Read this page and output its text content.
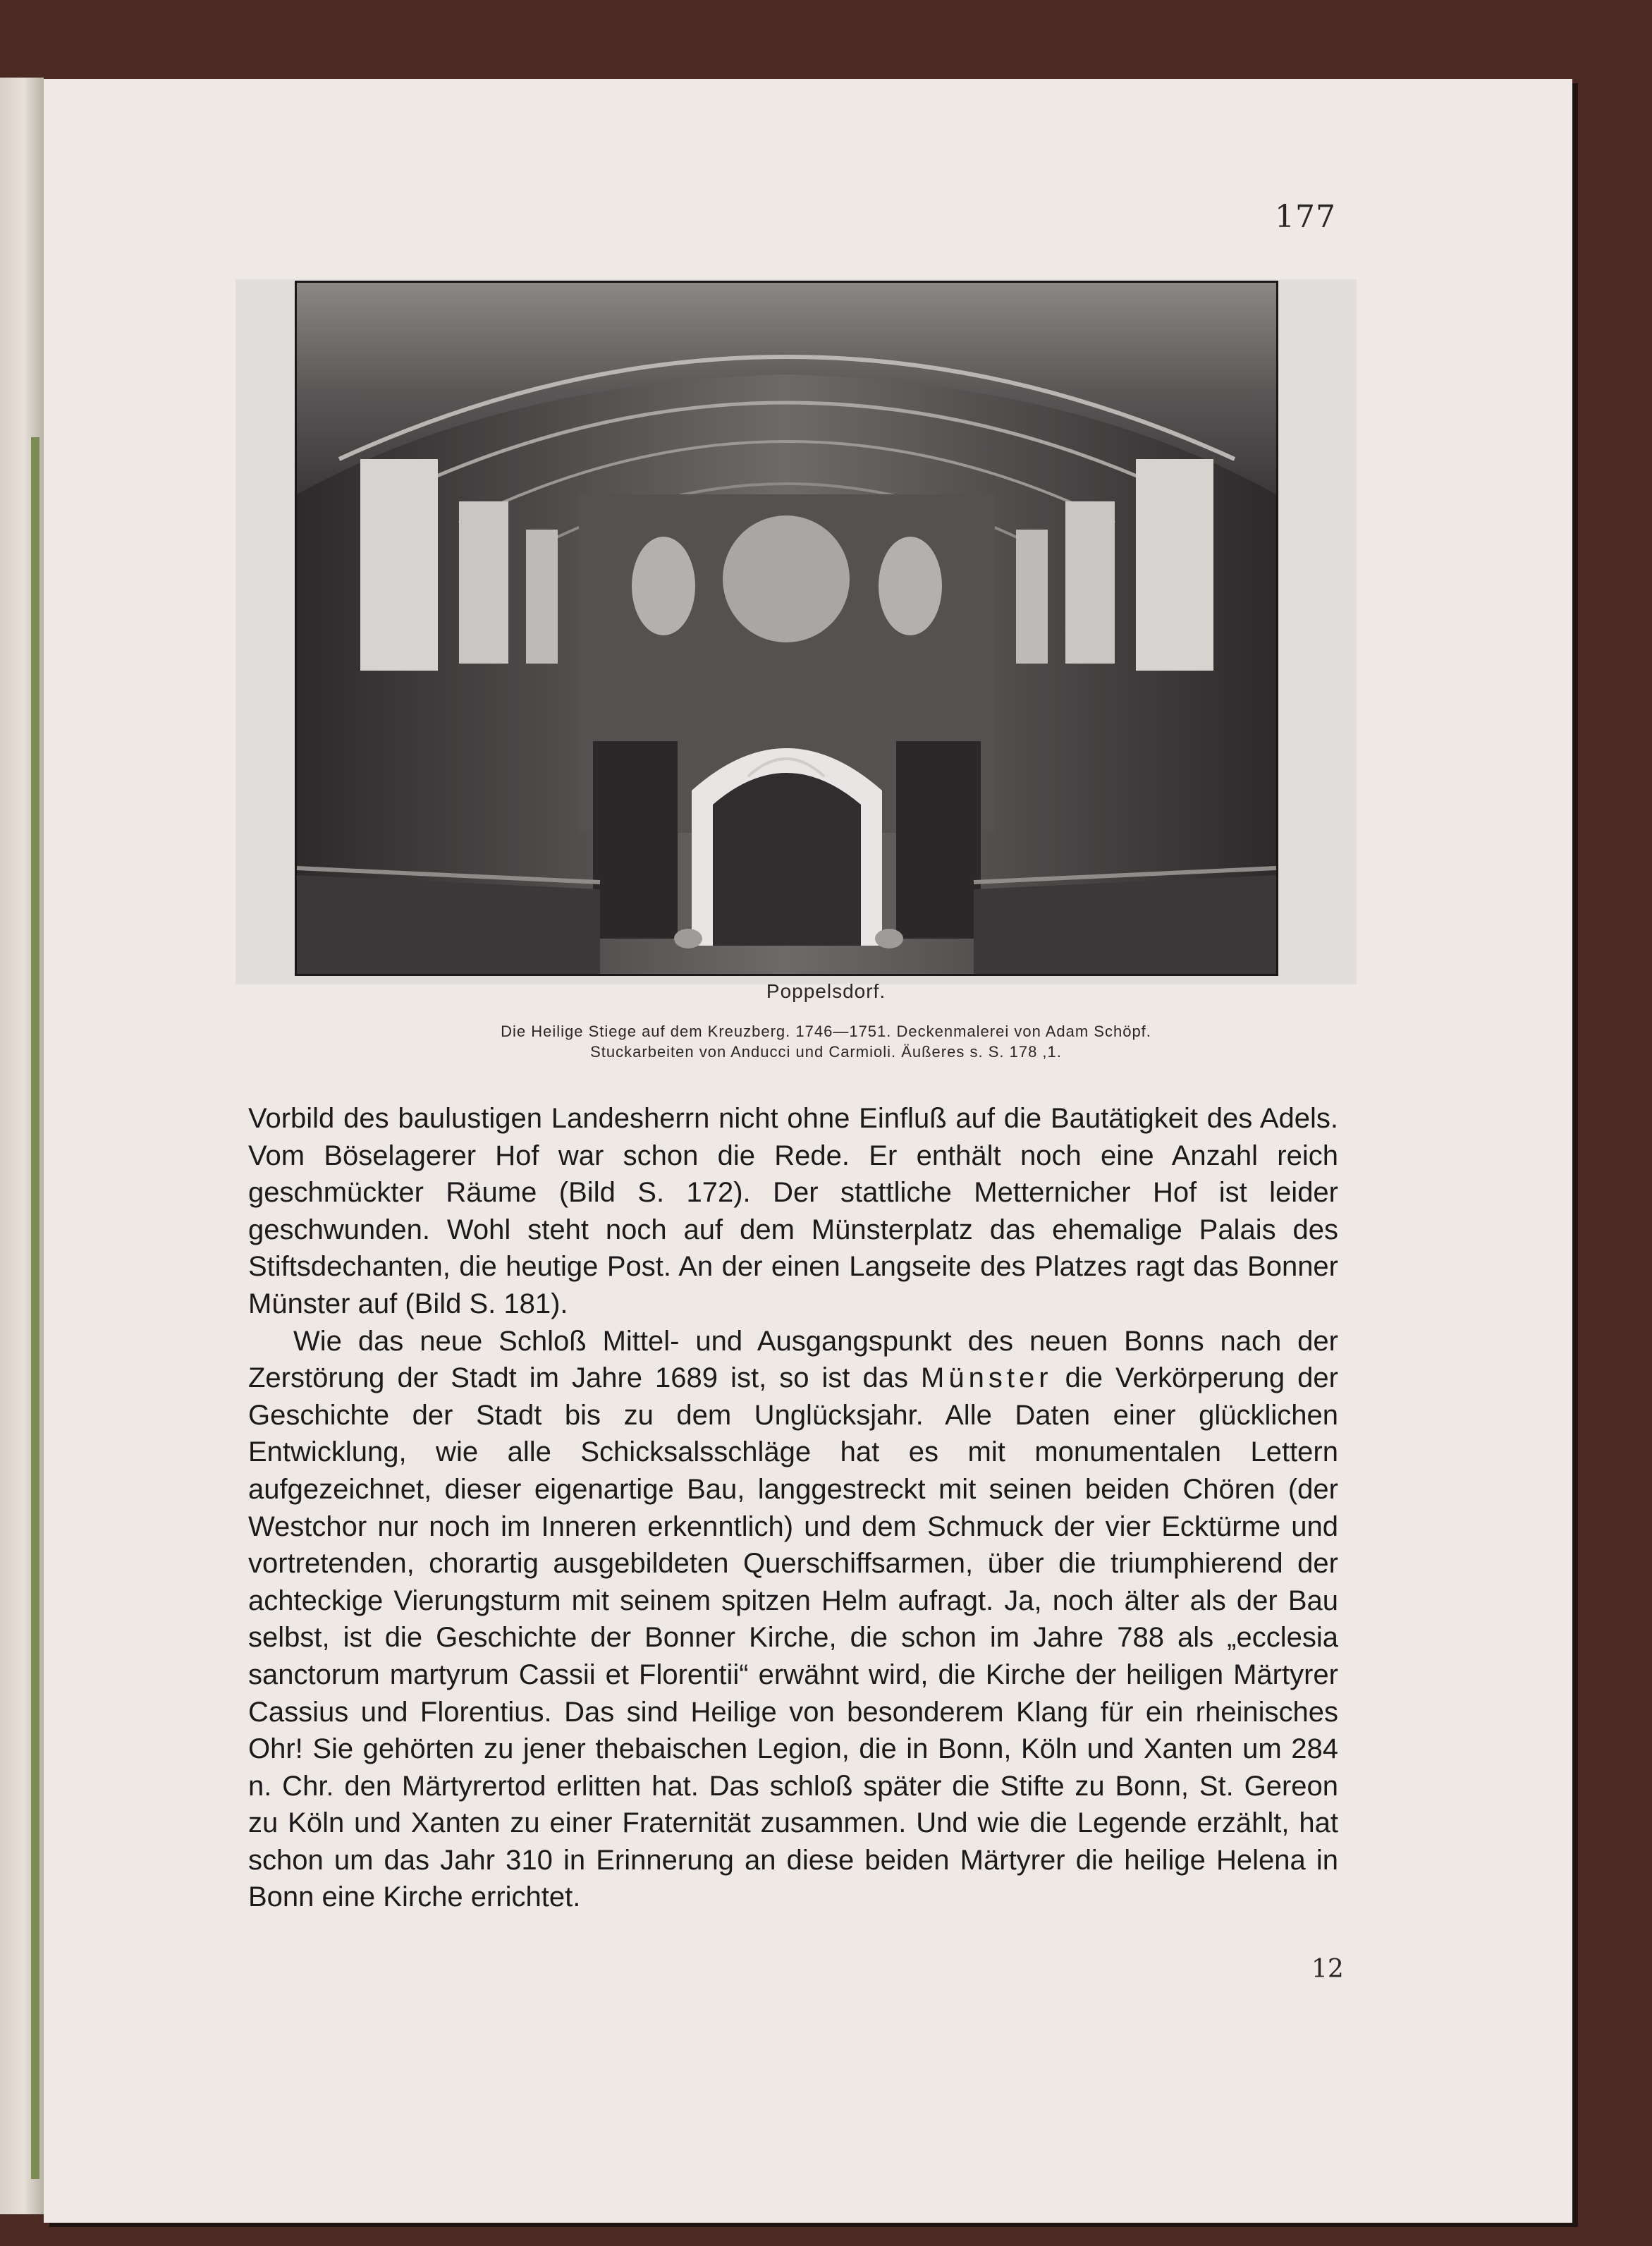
177
Poppelsdorf.
Die Heilige Stiege auf dem Kreuzberg. 1746—1751. Deckenmalerei von Adam Schöpf.
Stuckarbeiten von Anducci und Carmioli. Äußeres s. S. 178 ,1.

Vorbild des baulustigen Landesherrn nicht ohne Einfluß auf die Bautätigkeit des Adels. Vom Böselagerer Hof war schon die Rede. Er enthält noch eine Anzahl reich geschmückter Räume (Bild S. 172). Der stattliche Metternicher Hof ist leider geschwunden. Wohl steht noch auf dem Münsterplatz das ehemalige Palais des Stiftsdechanten, die heutige Post. An der einen Langseite des Platzes ragt das Bonner Münster auf (Bild S. 181).

Wie das neue Schloß Mittel- und Ausgangspunkt des neuen Bonns nach der Zerstörung der Stadt im Jahre 1689 ist, so ist das Münster die Verkörperung der Geschichte der Stadt bis zu dem Unglücksjahr. Alle Daten einer glücklichen Entwicklung, wie alle Schicksalsschläge hat es mit monumentalen Lettern aufgezeichnet, dieser eigenartige Bau, langgestreckt mit seinen beiden Chören (der Westchor nur noch im Inneren erkenntlich) und dem Schmuck der vier Ecktürme und vortretenden, chorartig ausgebildeten Querschiffsarmen, über die triumphierend der achteckige Vierungsturm mit seinem spitzen Helm aufragt. Ja, noch älter als der Bau selbst, ist die Geschichte der Bonner Kirche, die schon im Jahre 788 als „ecclesia sanctorum martyrum Cassii et Florentii“ erwähnt wird, die Kirche der heiligen Märtyrer Cassius und Florentius. Das sind Heilige von besonderem Klang für ein rheinisches Ohr! Sie gehörten zu jener thebaischen Legion, die in Bonn, Köln und Xanten um 284 n. Chr. den Märtyrertod erlitten hat. Das schloß später die Stifte zu Bonn, St. Gereon zu Köln und Xanten zu einer Fraternität zusammen. Und wie die Legende erzählt, hat schon um das Jahr 310 in Erinnerung an diese beiden Märtyrer die heilige Helena in Bonn eine Kirche errichtet.

12
